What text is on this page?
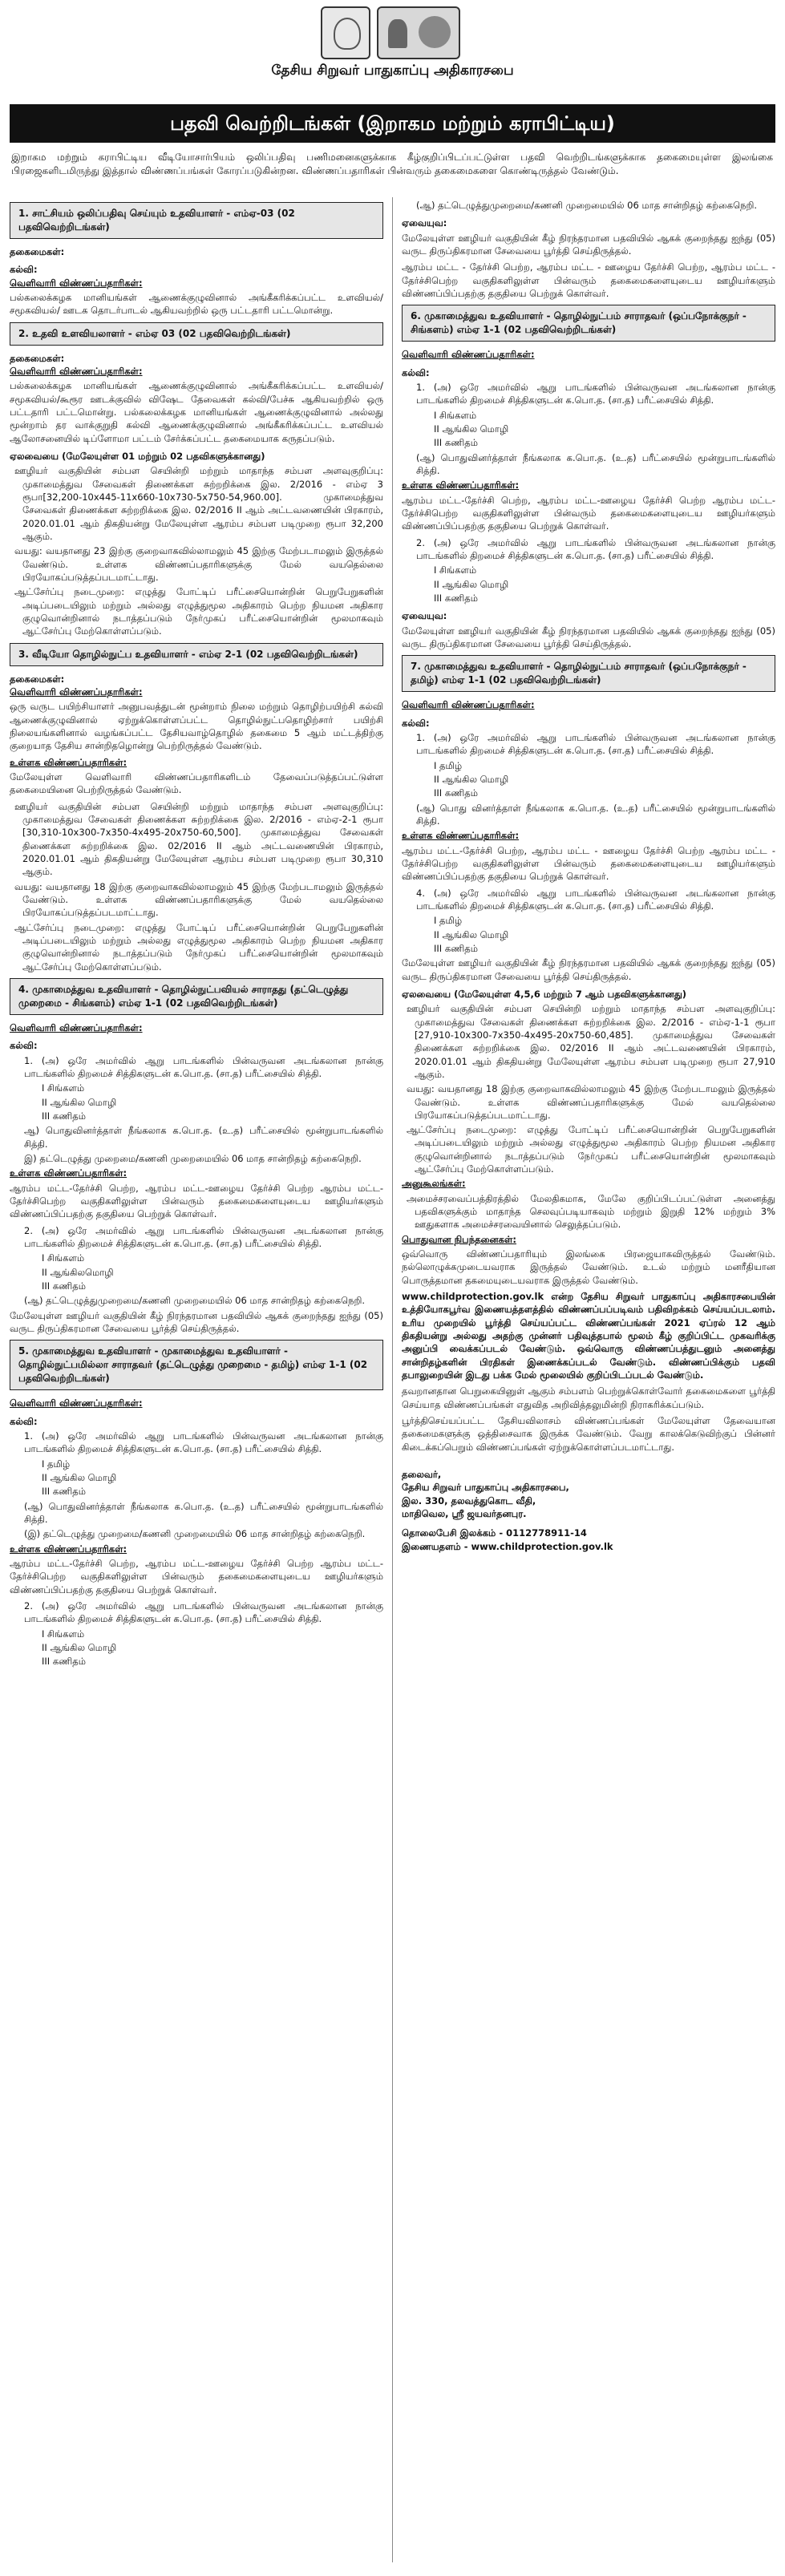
தேசிய சிறுவர் பாதுகாப்பு அதிகாரசபை
பதவி வெற்றிடங்கள் (இறாகம மற்றும் கராபிட்டிய)
இறாகம மற்றும் கராபிட்டிய வீடியோசார்பியம் ஒலிப்பதிவு பணிமனைகளுக்காக கீழ்குறிப்பிடப்பட்டுள்ள பதவி வெற்றிடங்களுக்காக தகைமையுள்ள இலங்கை பிரஜைகளிடமிருந்து இத்தால் விண்ணப்பங்கள் கோரப்படுகின்றன. விண்ணப்பதாரிகள் பின்வரும் தகைமைகளை கொண்டிருத்தல் வேண்டும்.
1. சாட்சியம் ஒலிப்பதிவு செய்யும் உதவியாளர் - எம்ஏ-03 (02 பதவிவெற்றிடங்கள்)
தகைமைகள்:
கல்வி:
வெளிவாரி விண்ணப்பதாரிகள்:
பல்கலைக்கழக மானியங்கள் ஆணைக்குழுவினால் அங்கீகரிக்கப்பட்ட உளவியல்/சமூகவியல்/ ஊடக தொடர்பாடல் ஆகியவற்றில் ஒரு பட்டதாரி பட்டமொன்று.
2. உதவி உளவியலாளர் - எம்ஏ 03 (02 பதவிவெற்றிடங்கள்)
தகைமைகள்:
வெளிவாரி விண்ணப்பதாரிகள்:
பல்கலைக்கழக மானியங்கள் ஆணைக்குழுவினால் அங்கீகரிக்கப்பட்ட உளவியல்/சமூகவியல்/கூரூர ஊடக்குவில் விஷேட தேவைகள் கல்வி/பேச்சு ஆகியவற்றில் ஒரு பட்டதாரி பட்டமொன்று. பல்கலைக்கழக மானியங்கள் ஆணைக்குழுவினால் அல்லது மூன்றாம் தர வாக்குறுதி கல்வி ஆணைக்குழுவினால் அங்கீகரிக்கப்பட்ட உளவியல் ஆலோசனையில் டிப்ளோமா பட்டம் சேர்க்கப்பட்ட தகைமையாக கருதப்படும்.
ஏலவையை (மேலேயுள்ள 01 மற்றும் 02 பதவிகளுக்கானது)
ஊழியர் வகுதியின் சம்பள செயின்றி மற்றும் மாதாந்த சம்பள அளவுகுறிப்பு: முகாமைத்துவ சேவைகள் திணைக்கள சுற்றறிக்கை இல. 2/2016 - எம்ஏ 3 ரூபா[32,200-10x445-11x660-10x730-5x750-54,960.00]. முகாமைத்துவ சேவைகள் திணைக்கள சுற்றறிக்கை இல. 02/2016 II ஆம் அட்டவணையின் பிரகாரம், 2020.01.01 ஆம் திகதியன்று மேலேயுள்ள ஆரம்ப சம்பள படிமுறை ரூபா 32,200 ஆகும்.
வயது: வயதானது 23 இற்கு குறைவாகவில்லாமலும் 45 இற்கு மேற்படாமலும் இருத்தல் வேண்டும். உள்ளக விண்ணப்பதாரிகளுக்கு மேல் வயதெல்லை பிரயோகப்படுத்தப்படமாட்டாது.
ஆட்சேர்ப்பு நடைமுறை: எழுத்து போட்டிப் பரீட்சையொன்றின் பெறுபேறுகளின் அடிப்படையிலும் மற்றும் அல்லது எழுத்துமூல அதிகாரம் பெற்ற நியமன அதிகார குழுவொன்றினால் நடாத்தப்படும் நேர்முகப் பரீட்சையொன்றின் மூலமாகவும் ஆட்சேர்ப்பு மேற்கொள்ளப்படும்.
3. வீடியோ தொழில்நுட்ப உதவியாளர் - எம்ஏ 2-1 (02 பதவிவெற்றிடங்கள்)
தகைமைகள்:
வெளிவாரி விண்ணப்பதாரிகள்:
ஒரு வருட பயிற்சியாளர் அனுபவத்துடன் மூன்றாம் நிலை மற்றும் தொழிற்பயிற்சி கல்வி ஆணைக்குழுவினால் ஏற்றுக்கொள்ளப்பட்ட தொழில்நுட்பதொழிற்சார் பயிற்சி நிலையங்களினால் வழங்கப்பட்ட தேசியவாழ்தொழில் தகைமை 5 ஆம் மட்டத்திற்கு குறையாத தேசிய சான்றிதழொன்று பெற்றிருத்தல் வேண்டும்.
உள்ளக விண்ணப்பதாரிகள்:
மேலேயுள்ள வெளிவாரி விண்ணப்பதாரிகளிடம் தேவைப்படுத்தப்பட்டுள்ள தகைமையினை பெற்றிருத்தல் வேண்டும்.
ஊழியர் வகுதியின் சம்பள செயின்றி மற்றும் மாதாந்த சம்பள அளவுகுறிப்பு: முகாமைத்துவ சேவைகள் திணைக்கள சுற்றறிக்கை இல. 2/2016 - எம்ஏ-2-1 ரூபா [30,310-10x300-7x350-4x495-20x750-60,500]. முகாமைத்துவ சேவைகள் திணைக்கள சுற்றறிக்கை இல. 02/2016 II ஆம் அட்டவணையின் பிரகாரம், 2020.01.01 ஆம் திகதியன்று மேலேயுள்ள ஆரம்ப சம்பள படிமுறை ரூபா 30,310 ஆகும்.
வயது: வயதானது 18 இற்கு குறைவாகவில்லாமலும் 45 இற்கு மேற்படாமலும் இருத்தல் வேண்டும். உள்ளக விண்ணப்பதாரிகளுக்கு மேல் வயதெல்லை பிரயோகப்படுத்தப்படமாட்டாது.
ஆட்சேர்ப்பு நடைமுறை: எழுத்து போட்டிப் பரீட்சையொன்றின் பெறுபேறுகளின் அடிப்படையிலும் மற்றும் அல்லது எழுத்துமூல அதிகாரம் பெற்ற நியமன அதிகார குழுவொன்றினால் நடாத்தப்படும் நேர்முகப் பரீட்சையொன்றின் மூலமாகவும் ஆட்சேர்ப்பு மேற்கொள்ளப்படும்.
4. முகாமைத்துவ உதவியாளர் - தொழில்நுட்பவியல் சாராதது (தட்டெழுத்து முறைமை - சிங்களம்) எம்ஏ 1-1 (02 பதவிவெற்றிடங்கள்)
வெளிவாரி விண்ணப்பதாரிகள்:
கல்வி:
1. (அ) ஒரே அமர்வில் ஆறு பாடங்களில் பின்வருவன அடங்கலான நான்கு பாடங்களில் திறமைச் சித்திகளுடன் க.பொ.த. (சா.த) பரீட்சையில் சித்தி.
I சிங்களம்
II ஆங்கில மொழி
III கணிதம்
ஆ) பொதுவினர்த்தாள் நீங்கலாக க.பொ.த. (உ.த) பரீட்சையில் மூன்றுபாடங்களில் சித்தி.
இ) தட்டெழுத்து முறைமை/கணனி முறைமையில் 06 மாத சான்றிதழ் கற்கைநெறி.
உள்ளக விண்ணப்பதாரிகள்:
ஆரம்ப மட்ட-தேர்ச்சி பெற்ற, ஆரம்ப மட்ட-ஊழைய தேர்ச்சி பெற்ற ஆரம்ப மட்ட-தேர்ச்சிபெற்ற வகுதிகளிலுள்ள பின்வரும் தகைமைகளையுடைய ஊழியர்களும் விண்ணப்பிப்பதற்கு தகுதியை பெற்றுக் கொள்வர்.
2. (அ) ஒரே அமர்வில் ஆறு பாடங்களில் பின்வருவன அடங்கலான நான்கு பாடங்களில் திறமைச் சித்திகளுடன் க.பொ.த. (சா.த) பரீட்சையில் சித்தி.
I சிங்களம்
II ஆங்கிலமொழி
III கணிதம்
(ஆ) தட்டெழுத்துமுறைமை/கணனி முறைமையில் 06 மாத சான்றிதழ் கற்கைநெறி.
மேலேயுள்ள ஊழியர் வகுதியின் கீழ் நிரந்தரமான பதவியில் ஆகக் குறைந்தது ஐந்து (05) வருட திருப்திகரமான சேவையை பூர்த்தி செய்திருத்தல்.
5. முகாமைத்துவ உதவியாளர் - முகாமைத்துவ உதவியாளர் - தொழில்நுட்பமில்லா சாராதவர் (தட்டெழுத்து முறைமை - தமிழ்) எம்ஏ 1-1 (02 பதவிவெற்றிடங்கள்)
வெளிவாரி விண்ணப்பதாரிகள்:
கல்வி:
1. (அ) ஒரே அமர்வில் ஆறு பாடங்களில் பின்வருவன அடங்கலான நான்கு பாடங்களில் திறமைச் சித்திகளுடன் க.பொ.த. (சா.த) பரீட்சையில் சித்தி.
I தமிழ்
II ஆங்கில மொழி
III கணிதம்
(ஆ) பொதுவினர்த்தாள் நீங்கலாக க.பொ.த. (உ.த) பரீட்சையில் மூன்றுபாடங்களில் சித்தி.
(இ) தட்டெழுத்து முறைமை/கணனி முறைமையில் 06 மாத சான்றிதழ் கற்கைநெறி.
உள்ளக விண்ணப்பதாரிகள்:
ஆரம்ப மட்ட-தேர்ச்சி பெற்ற, ஆரம்ப மட்ட-ஊழைய தேர்ச்சி பெற்ற ஆரம்ப மட்ட-தேர்ச்சிபெற்ற வகுதிகளிலுள்ள பின்வரும் தகைமைகளையுடைய ஊழியர்களும் விண்ணப்பிப்பதற்கு தகுதியை பெற்றுக் கொள்வர்.
2. (அ) ஒரே அமர்வில் ஆறு பாடங்களில் பின்வருவன அடங்கலான நான்கு பாடங்களில் திறமைச் சித்திகளுடன் க.பொ.த. (சா.த) பரீட்சையில் சித்தி.
I சிங்களம்
II ஆங்கில மொழி
III கணிதம்
(ஆ) தட்டெழுத்துமுறைமை/கணனி முறைமையில் 06 மாத சான்றிதழ் கற்கைநெறி.
ஏவையுவ:
மேலேயுள்ள ஊழியர் வகுதியின் கீழ் நிரந்தரமான பதவியில் ஆகக் குறைந்தது ஐந்து (05) வருட திருப்திகரமான சேவையை பூர்த்தி செய்திருத்தல்.
ஆரம்ப மட்ட - தேர்ச்சி பெற்ற, ஆரம்ப மட்ட - ஊழைய தேர்ச்சி பெற்ற, ஆரம்ப மட்ட - தேர்ச்சிபெற்ற வகுதிகளிலுள்ள பின்வரும் தகைமைகளையுடைய ஊழியர்களும் விண்ணப்பிப்பதற்கு தகுதியை பெற்றுக் கொள்வர்.
6. முகாமைத்துவ உதவியாளர் - தொழில்நுட்பம் சாராதவர் (ஒப்பநோக்குநர் - சிங்களம்) எம்ஏ 1-1 (02 பதவிவெற்றிடங்கள்)
வெளிவாரி விண்ணப்பதாரிகள்:
கல்வி:
1. (அ) ஒரே அமர்வில் ஆறு பாடங்களில் பின்வருவன அடங்கலான நான்கு பாடங்களில் திறமைச் சித்திகளுடன் க.பொ.த. (சா.த) பரீட்சையில் சித்தி.
I சிங்களம்
II ஆங்கில மொழி
III கணிதம்
(ஆ) பொதுவினர்த்தாள் நீங்கலாக க.பொ.த. (உ.த) பரீட்சையில் மூன்றுபாடங்களில் சித்தி.
உள்ளக விண்ணப்பதாரிகள்:
ஆரம்ப மட்ட-தேர்ச்சி பெற்ற, ஆரம்ப மட்ட-ஊழைய தேர்ச்சி பெற்ற ஆரம்ப மட்ட-தேர்ச்சிபெற்ற வகுதிகளிலுள்ள பின்வரும் தகைமைகளையுடைய ஊழியர்களும் விண்ணப்பிப்பதற்கு தகுதியை பெற்றுக் கொள்வர்.
2. (அ) ஒரே அமர்வில் ஆறு பாடங்களில் பின்வருவன அடங்கலான நான்கு பாடங்களில் திறமைச் சித்திகளுடன் க.பொ.த. (சா.த) பரீட்சையில் சித்தி.
I சிங்களம்
II ஆங்கில மொழி
III கணிதம்
ஏவையுவ:
மேலேயுள்ள ஊழியர் வகுதியின் கீழ் நிரந்தரமான பதவியில் ஆகக் குறைந்தது ஐந்து (05) வருட திருப்திகரமான சேவையை பூர்த்தி செய்திருத்தல்.
7. முகாமைத்துவ உதவியாளர் - தொழில்நுட்பம் சாராதவர் (ஒப்பநோக்குநர் - தமிழ்) எம்ஏ 1-1 (02 பதவிவெற்றிடங்கள்)
வெளிவாரி விண்ணப்பதாரிகள்:
கல்வி:
1. (அ) ஒரே அமர்வில் ஆறு பாடங்களில் பின்வருவன அடங்கலான நான்கு பாடங்களில் திறமைச் சித்திகளுடன் க.பொ.த. (சா.த) பரீட்சையில் சித்தி.
I தமிழ்
II ஆங்கில மொழி
III கணிதம்
(ஆ) பொது வினர்த்தாள் நீங்கலாக க.பொ.த. (உ.த) பரீட்சையில் மூன்றுபாடங்களில் சித்தி.
உள்ளக விண்ணப்பதாரிகள்:
ஆரம்ப மட்ட-தேர்ச்சி பெற்ற, ஆரம்ப மட்ட - ஊழைய தேர்ச்சி பெற்ற ஆரம்ப மட்ட - தேர்ச்சிபெற்ற வகுதிகளிலுள்ள பின்வரும் தகைமைகளையுடைய ஊழியர்களும் விண்ணப்பிப்பதற்கு தகுதியை பெற்றுக் கொள்வர்.
4. (அ) ஒரே அமர்வில் ஆறு பாடங்களில் பின்வருவன அடங்கலான நான்கு பாடங்களில் திறமைச் சித்திகளுடன் க.பொ.த. (சா.த) பரீட்சையில் சித்தி.
I தமிழ்
II ஆங்கில மொழி
III கணிதம்
மேலேயுள்ள ஊழியர் வகுதியின் கீழ் நிரந்தரமான பதவியில் ஆகக் குறைந்தது ஐந்து (05) வருட திருப்திகரமான சேவையை பூர்த்தி செய்திருத்தல்.
ஏலவையை (மேலேயுள்ள 4,5,6 மற்றும் 7 ஆம் பதவிகளுக்கானது)
ஊழியர் வகுதியின் சம்பள செயின்றி மற்றும் மாதாந்த சம்பள அளவுகுறிப்பு: முகாமைத்துவ சேவைகள் திணைக்கள சுற்றறிக்கை இல. 2/2016 - எம்ஏ-1-1 ரூபா [27,910-10x300-7x350-4x495-20x750-60,485]. முகாமைத்துவ சேவைகள் திணைக்கள சுற்றறிக்கை இல. 02/2016 II ஆம் அட்டவணையின் பிரகாரம், 2020.01.01 ஆம் திகதியன்று மேலேயுள்ள ஆரம்ப சம்பள படிமுறை ரூபா 27,910 ஆகும்.
வயது: வயதானது 18 இற்கு குறைவாகவில்லாமலும் 45 இற்கு மேற்படாமலும் இருத்தல் வேண்டும். உள்ளக விண்ணப்பதாரிகளுக்கு மேல் வயதெல்லை பிரயோகப்படுத்தப்படமாட்டாது.
ஆட்சேர்ப்பு நடைமுறை: எழுத்து போட்டிப் பரீட்சையொன்றின் பெறுபேறுகளின் அடிப்படையிலும் மற்றும் அல்லது எழுத்துமூல அதிகாரம் பெற்ற நியமன அதிகார குழுவொன்றினால் நடாத்தப்படும் நேர்முகப் பரீட்சையொன்றின் மூலமாகவும் ஆட்சேர்ப்பு மேற்கொள்ளப்படும்.
அனுகூலங்கள்:
அமைச்சரவைப்பத்திரத்தில் மேலதிகமாக, மேலே குறிப்பிடப்பட்டுள்ள அனைத்து பதவிகளுக்கும் மாதாந்த செலவுப்படியாகவும் மற்றும் இறுதி 12% மற்றும் 3% ஊதுகளாக அமைச்சரவையினால் செலுத்தப்படும்.
பொதுவான நிபந்தனைகள்:
ஒவ்வொரு விண்ணப்பதாரியும் இலங்கை பிரஜையாகவிருத்தல் வேண்டும். நல்லொழுக்கமுடையவராக இருத்தல் வேண்டும். உடல் மற்றும் மனரீதியான பொருத்தமான தகமையுடையவராக இருத்தல் வேண்டும்.
www.childprotection.gov.lk என்ற தேசிய சிறுவர் பாதுகாப்பு அதிகாரசபையின் உத்தியோகபூர்வ இணையத்தளத்தில் விண்ணப்பப்படிவம் பதிவிறக்கம் செய்யப்படலாம். உரிய முறையில் பூர்த்தி செய்யப்பட்ட விண்ணப்பங்கள் 2021 ஏப்ரல் 12 ஆம் திகதியன்று அல்லது அதற்கு முன்னர் பதிவுத்தபால் மூலம் கீழ் குறிப்பிட்ட முகவரிக்கு அனுப்பி வைக்கப்படல் வேண்டும். ஒவ்வொரு விண்ணப்பத்துடனும் அனைத்து சான்றிதழ்களின் பிரதிகள் இணைக்கப்படல் வேண்டும். விண்ணப்பிக்கும் பதவி தபாலுறையின் இடது பக்க மேல் மூலையில் குறிப்பிடப்படல் வேண்டும்.
தவறானதான பெறுகையினுள் ஆகும் சம்பளம் பெற்றுக்கொள்வோர் தகைமைகளை பூர்த்தி செய்யாத விண்ணப்பங்கள் எதுவித அறிவித்தலுமின்றி நிராகரிக்கப்படும்.
பூர்த்திசெய்யப்பட்ட தேசியவிலாசம் விண்ணப்பங்கள் மேலேயுள்ள தேவையான தகைமைகளுக்கு ஒத்திசைவாக இருக்க வேண்டும். வேறு காலக்கெடுவிற்குப் பின்னர் கிடைக்கப்பெறும் விண்ணப்பங்கள் ஏற்றுக்கொள்ளப்படமாட்டாது.
தலைவர்,
தேசிய சிறுவர் பாதுகாப்பு அதிகாரசபை,
இல. 330, தலவத்துகொட வீதி,
மாதிவெல, ஸ்ரீ ஜயவர்தனபுர.
தொலைபேசி இலக்கம் - 0112778911-14
இணையதளம் - www.childprotection.gov.lk
